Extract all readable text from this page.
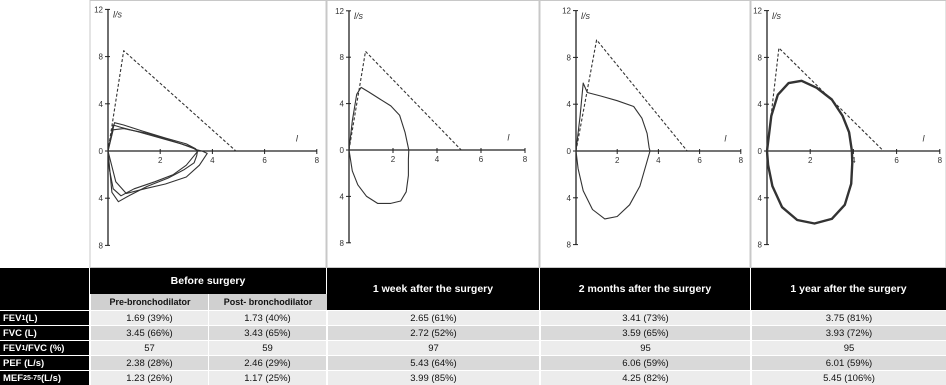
12
8
4
0
4
8
2	4	6	8
l/s
l
12
8
4
0
4
8
2	4	6	8
l/s
l
12
8
4
0
4
8
2	4	6	8
l/s
l
12
8
4
0
4
8
2	4	6	8
l/s
l
Before surgery
Pre-bronchodilator	Post- bronchodilator
1 week after the surgery	2 months after the surgery	1 year after the surgery
FEV 1 (L)	1.69 (39%)	1.73 (40%)	2.65 (61%)	3.41 (73%)	3.75 (81%)
FVC (L)	3.45 (66%)	3.43 (65%)	2.72 (52%)	3.59 (65%)	3.93 (72%)
FEV 1 /FVC (%)	57	59	97	95	95
PEF (L/s)	2.38 (28%)	2.46 (29%)	5.43 (64%)	6.06 (59%)	6.01 (59%)
MEF 25-75 (L/s)	1.23 (26%)	1.17 (25%)	3.99 (85%)	4.25 (82%)	5.45 (106%)
